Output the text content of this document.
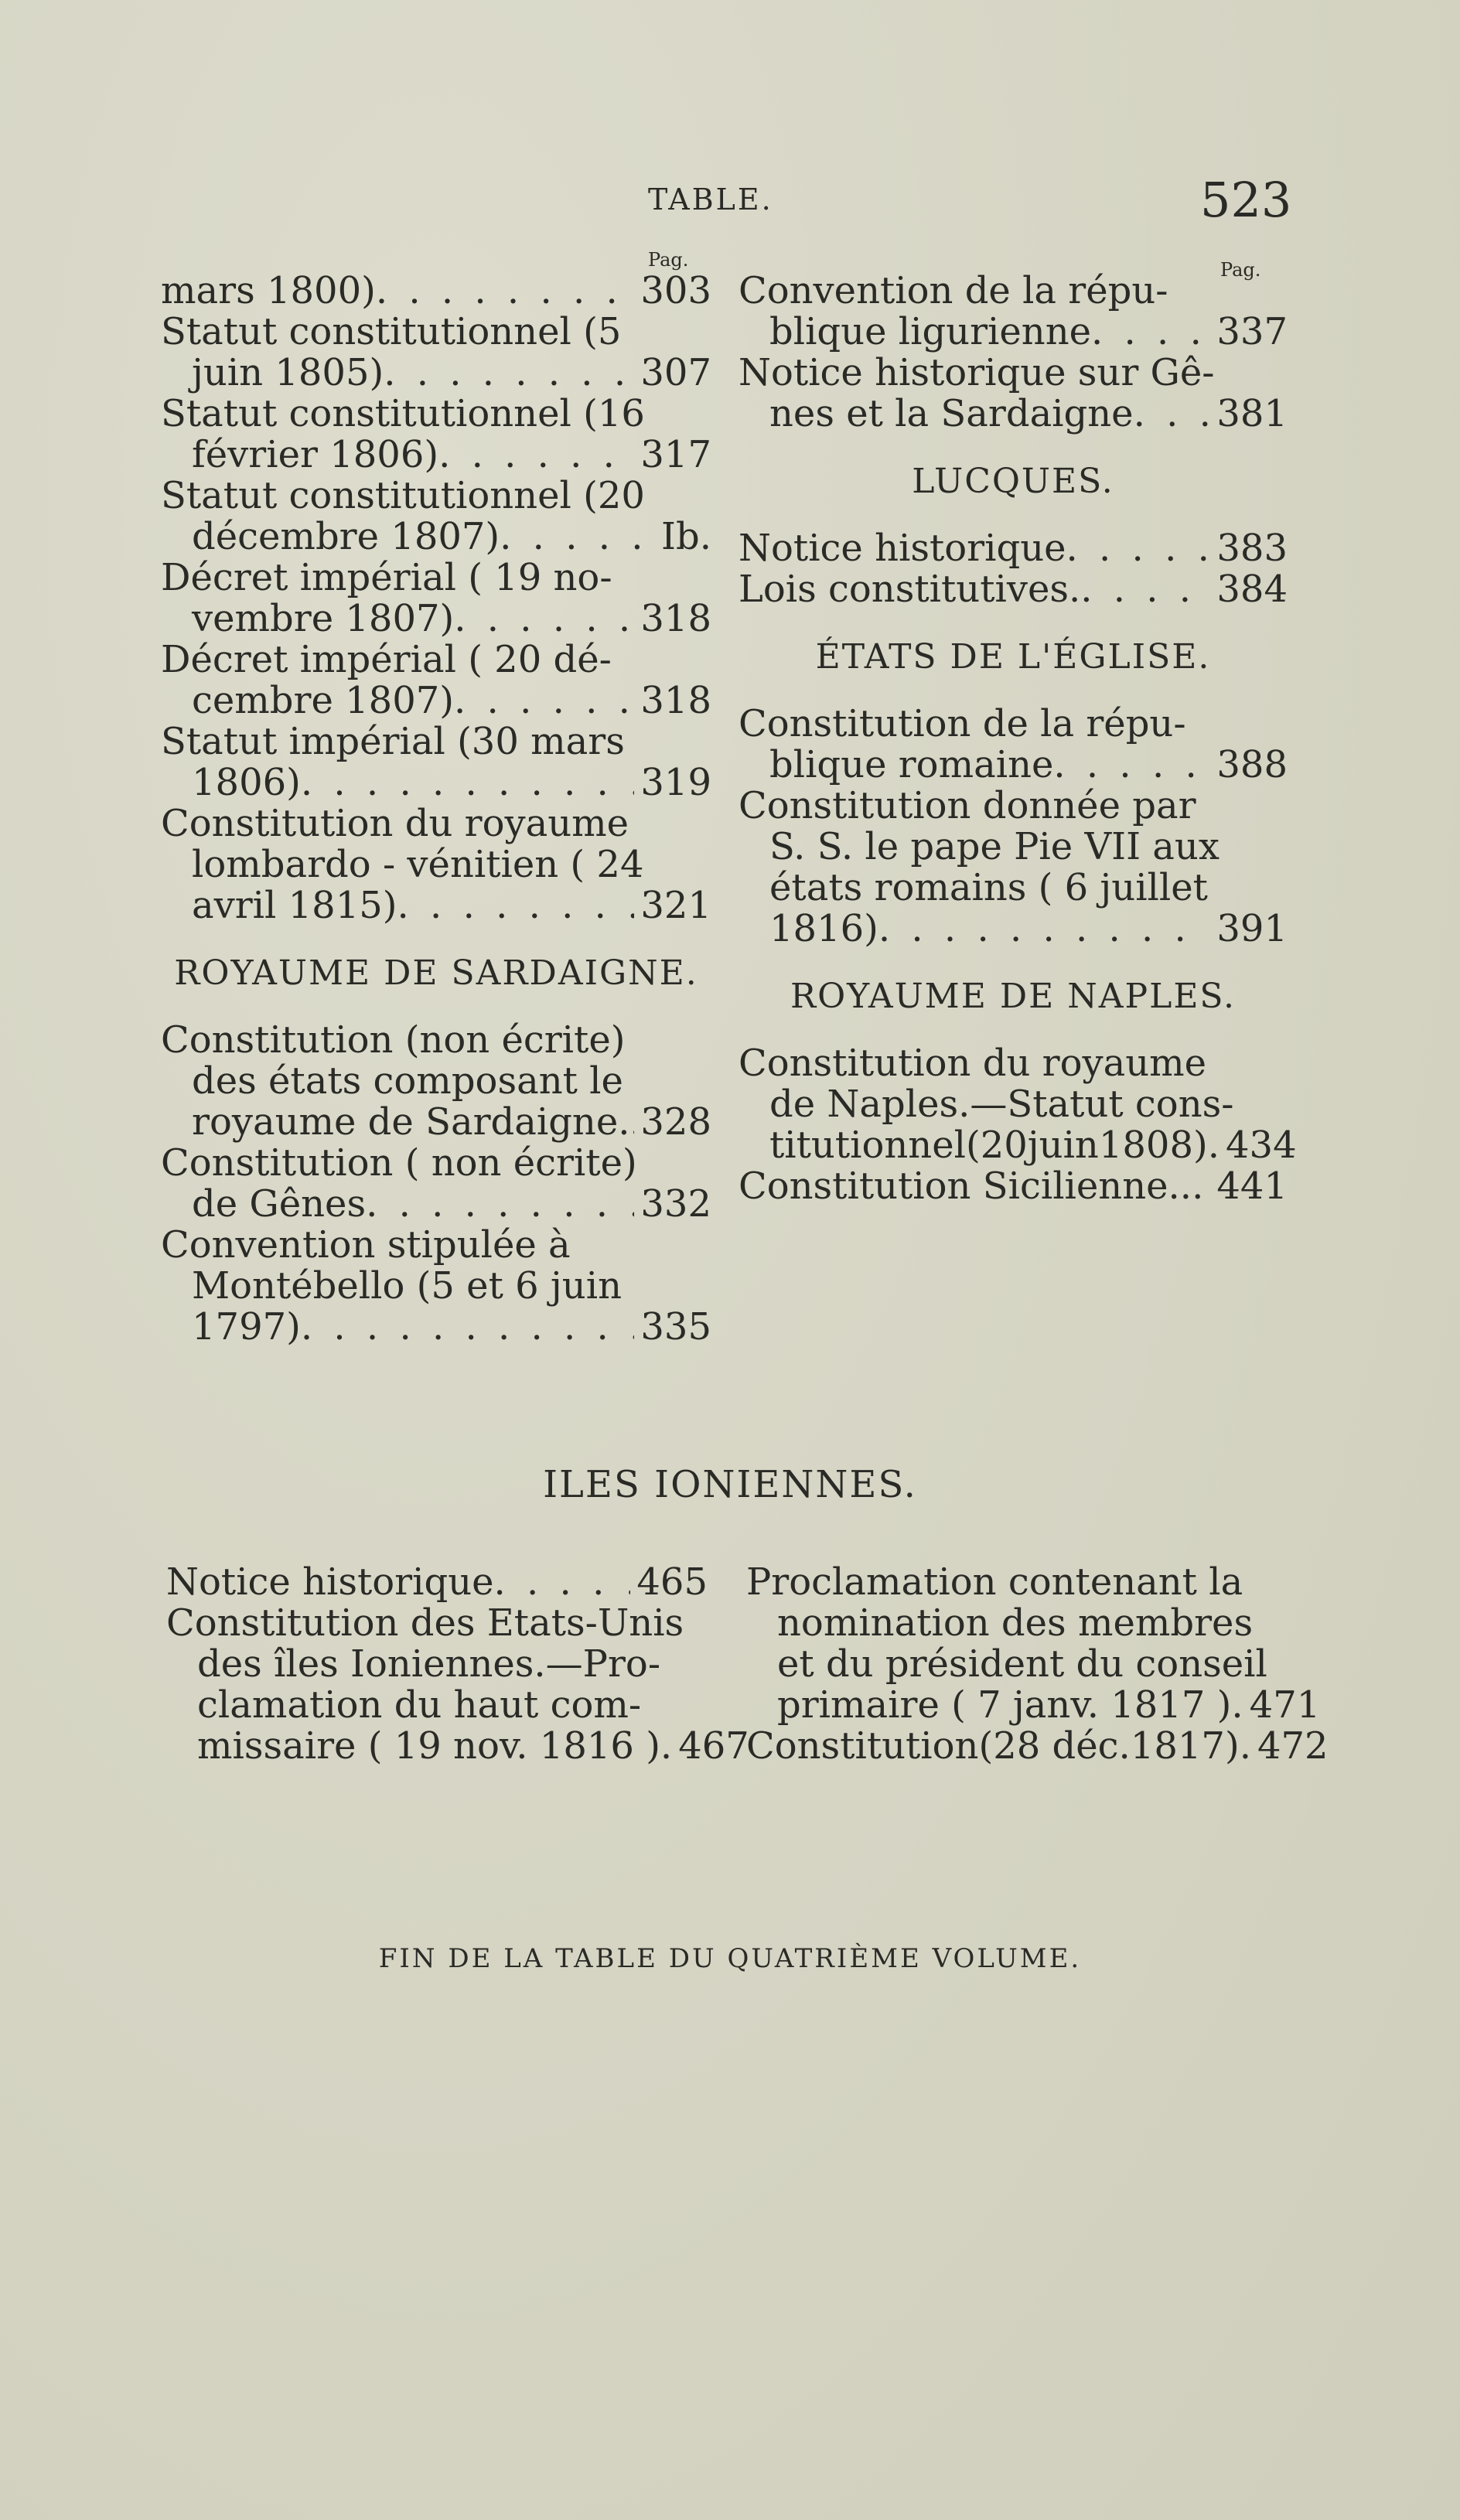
TABLE.	523
Pag.	Pag.
mars 1800) . . .	303
Statut constitutionnel (5
juin 1805) . . .	307
Statut constitutionnel (16
février 1806) . . .	317
Statut constitutionnel (20
décembre 1807) . . .	Ib.
Décret impérial ( 19 no-
vembre 1807) . . .	318
Décret impérial ( 20 dé-
cembre 1807) . . .	318
Statut impérial (30 mars
1806) . . .	319
Constitution du royaume
lombardo - vénitien ( 24
avril 1815) . . .	321
ROYAUME DE SARDAIGNE.
Constitution (non écrite)
des états composant le
royaume de Sardaigne. . . . 328
Constitution ( non écrite)
de Gênes . . .	332
Convention stipulée à
Montébello (5 et 6 juin
1797) . . .	335
Convention de la répu-
blique ligurienne . . .	337
Notice historique sur Gê-
nes et la Sardaigne . . . 381
LUCQUES.
Notice historique . . .	383
Lois constitutives. . . .	384
ÉTATS DE L'ÉGLISE.
Constitution de la répu-
blique romaine . . .	388
Constitution donnée par
S. S. le pape Pie VII aux
états romains ( 6 juillet
1816) . . .	391
ROYAUME DE NAPLES.
Constitution du royaume
de Naples.—Statut cons-
titutionnel(20juin1808). 434
Constitution Sicilienne.. . . . 441
ILES IONIENNES.
Notice historique . . .	465
Constitution des Etats-Unis
des îles Ioniennes.—Pro-
clamation du haut com-
missaire ( 19 nov. 1816 ). 467
Proclamation contenant la
nomination des membres
et du président du conseil
primaire ( 7 janv. 1817 ). 471
Constitution(28 déc.1817). 472
FIN DE LA TABLE DU QUATRIÈME VOLUME.
